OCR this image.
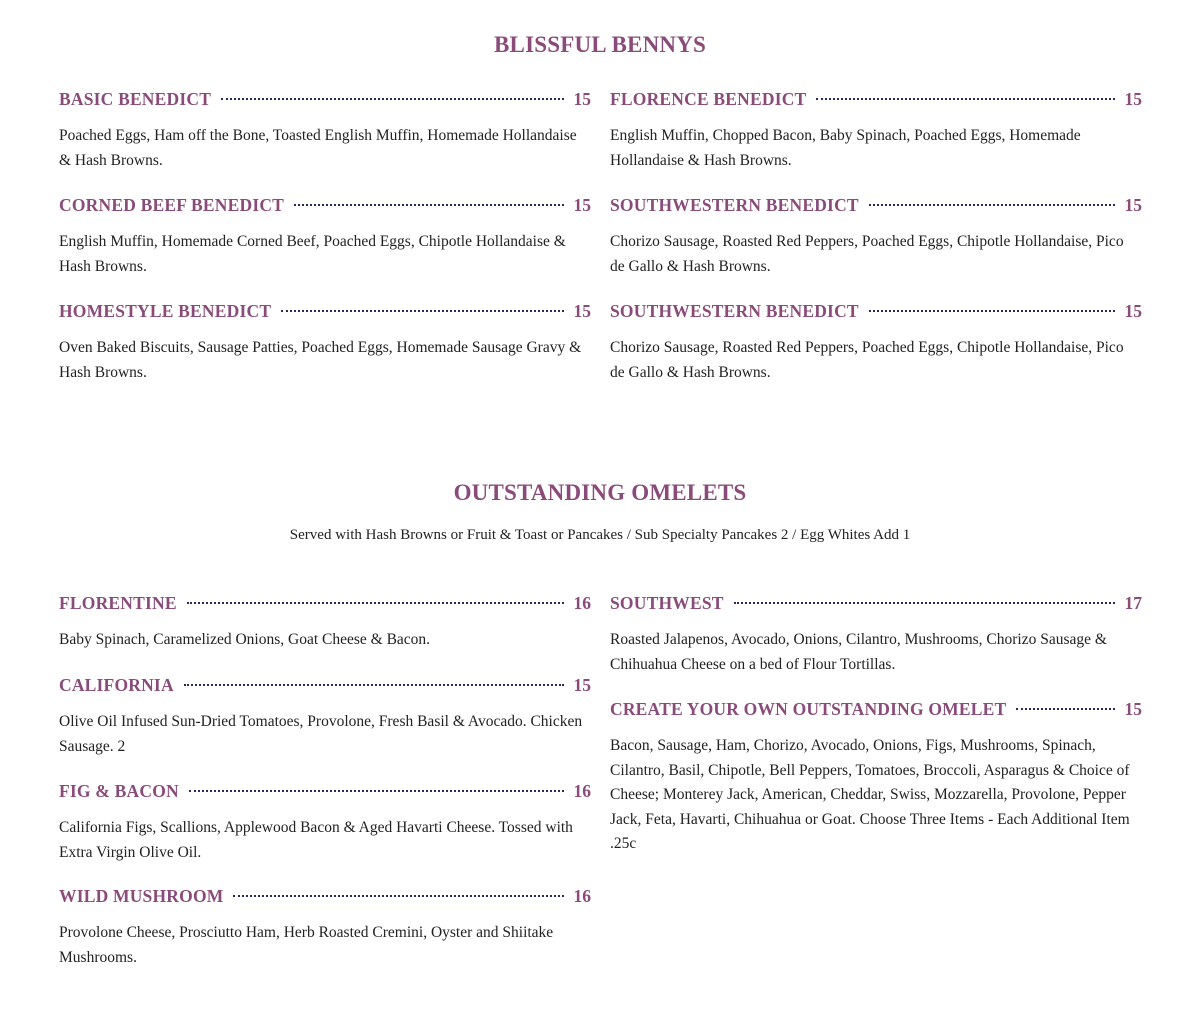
BLISSFUL BENNYS
BASIC BENEDICT	15

Poached Eggs, Ham off the Bone, Toasted English Muffin, Homemade Hollandaise & Hash Browns.

CORNED BEEF BENEDICT	15

English Muffin, Homemade Corned Beef, Poached Eggs, Chipotle Hollandaise & Hash Browns.

HOMESTYLE BENEDICT	15

Oven Baked Biscuits, Sausage Patties, Poached Eggs, Homemade Sausage Gravy & Hash Browns.

FLORENCE BENEDICT	15

English Muffin, Chopped Bacon, Baby Spinach, Poached Eggs, Homemade Hollandaise & Hash Browns.

SOUTHWESTERN BENEDICT	15

Chorizo Sausage, Roasted Red Peppers, Poached Eggs, Chipotle Hollandaise, Pico de Gallo & Hash Browns.

SOUTHWESTERN BENEDICT	15

Chorizo Sausage, Roasted Red Peppers, Poached Eggs, Chipotle Hollandaise, Pico de Gallo & Hash Browns.

OUTSTANDING OMELETS

Served with Hash Browns or Fruit & Toast or Pancakes / Sub Specialty Pancakes 2 / Egg Whites Add 1

FLORENTINE	16

Baby Spinach, Caramelized Onions, Goat Cheese & Bacon.

CALIFORNIA	15

Olive Oil Infused Sun-Dried Tomatoes, Provolone, Fresh Basil & Avocado. Chicken Sausage. 2

FIG & BACON	16

California Figs, Scallions, Applewood Bacon & Aged Havarti Cheese. Tossed with Extra Virgin Olive Oil.

WILD MUSHROOM	16

Provolone Cheese, Prosciutto Ham, Herb Roasted Cremini, Oyster and Shiitake Mushrooms.

SOUTHWEST	17

Roasted Jalapenos, Avocado, Onions, Cilantro, Mushrooms, Chorizo Sausage & Chihuahua Cheese on a bed of Flour Tortillas.

CREATE YOUR OWN OUTSTANDING OMELET	15

Bacon, Sausage, Ham, Chorizo, Avocado, Onions, Figs, Mushrooms, Spinach, Cilantro, Basil, Chipotle, Bell Peppers, Tomatoes, Broccoli, Asparagus & Choice of Cheese; Monterey Jack, American, Cheddar, Swiss, Mozzarella, Provolone, Pepper Jack, Feta, Havarti, Chihuahua or Goat. Choose Three Items - Each Additional Item .25c
